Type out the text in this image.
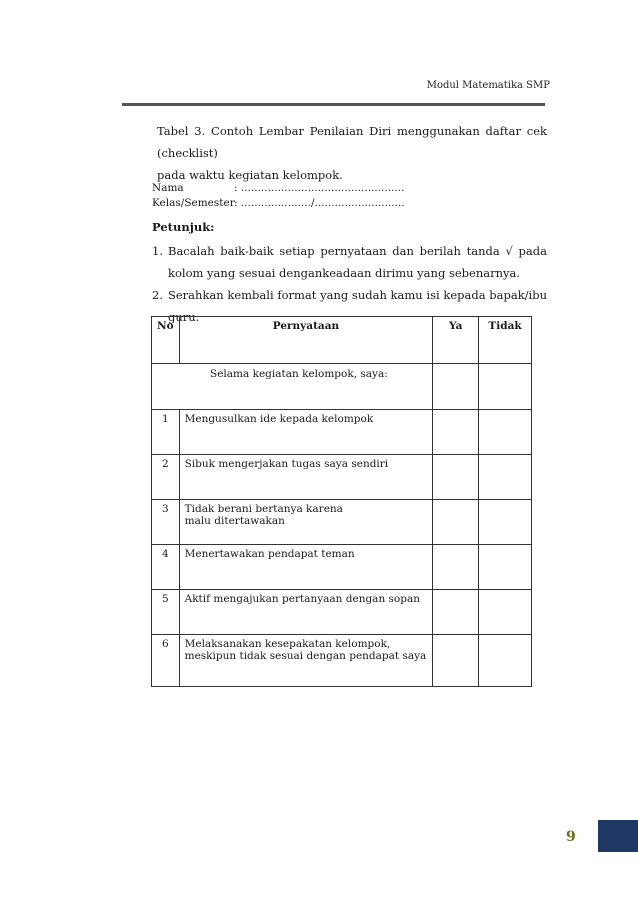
Modul Matematika SMP

Tabel 3. Contoh Lembar Penilaian Diri menggunakan daftar cek (checklist)

pada waktu kegiatan kelompok.

Nama	: .................................................
Kelas/Semester : ...................../...........................
Petunjuk:
1. Bacalah baik-baik setiap pernyataan dan berilah tanda √ pada kolom yang sesuai dengankeadaan dirimu yang sebenarnya.
2. Serahkan kembali format yang sudah kamu isi kepada bapak/ibu guru.
No	Pernyataan	Ya	Tidak
Selama kegiatan kelompok, saya:			
1	Mengusulkan ide kepada kelompok		
2	Sibuk mengerjakan tugas saya sendiri		
3	Tidak berani bertanya karena malu ditertawakan		
4	Menertawakan pendapat teman		
5	Aktif mengajukan pertanyaan dengan sopan		
6	Melaksanakan kesepakatan kelompok, meskipun tidak sesuai dengan pendapat saya		
9
